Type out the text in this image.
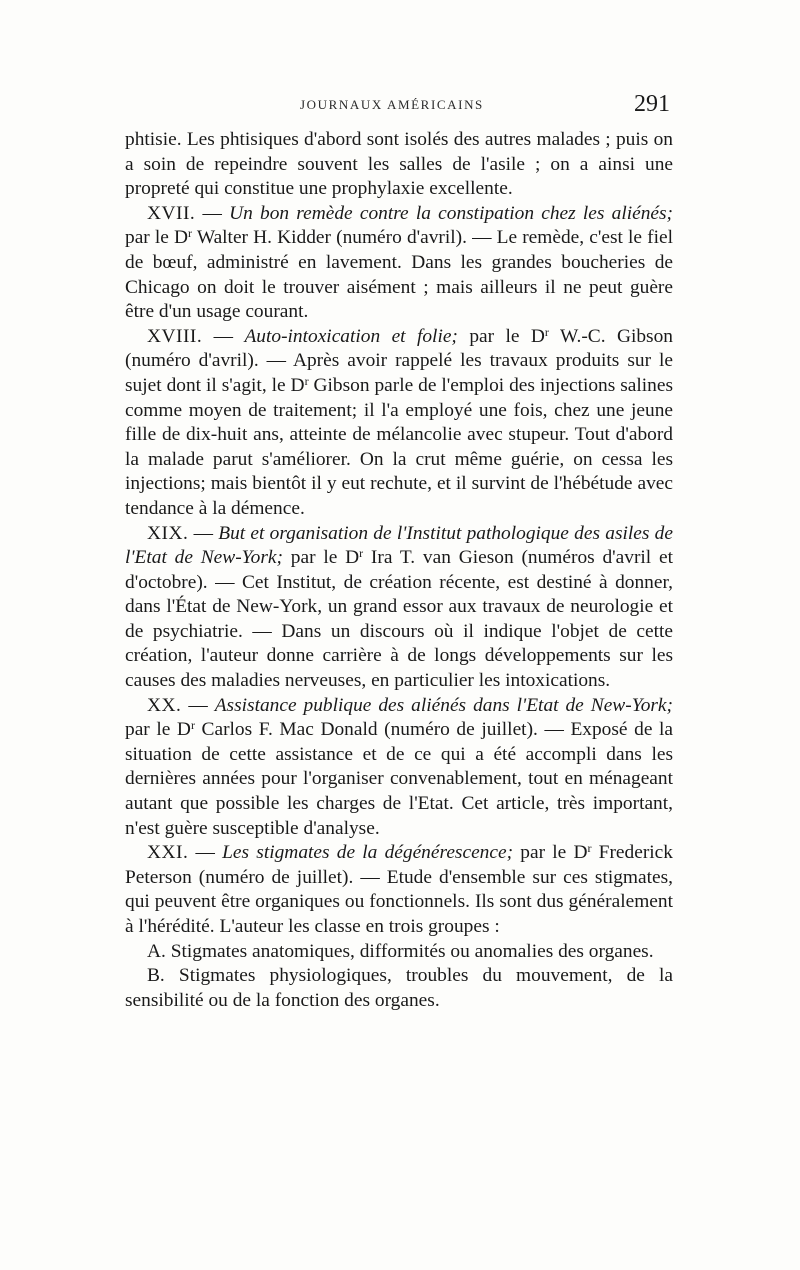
JOURNAUX AMÉRICAINS	291

phtisie. Les phtisiques d'abord sont isolés des autres malades ; puis on a soin de repeindre souvent les salles de l'asile ; on a ainsi une propreté qui constitue une prophylaxie excellente.

XVII. — Un bon remède contre la constipation chez les aliénés; par le $D^r$ Walter H. Kidder (numéro d'avril). — Le remède, c'est le fiel de bœuf, administré en lavement. Dans les grandes boucheries de Chicago on doit le trouver aisément ; mais ailleurs il ne peut guère être d'un usage courant.

XVIII. — Auto-intoxication et folie; par le $D^r$ W.-C. Gibson (numéro d'avril). — Après avoir rappelé les travaux produits sur le sujet dont il s'agit, le $D^r$ Gibson parle de l'emploi des injections salines comme moyen de traitement; il l'a employé une fois, chez une jeune fille de dix-huit ans, atteinte de mélancolie avec stupeur. Tout d'abord la malade parut s'améliorer. On la crut même guérie, on cessa les injections; mais bientôt il y eut rechute, et il survint de l'hébétude avec tendance à la démence.

XIX. — But et organisation de l'Institut pathologique des asiles de l'Etat de New-York; par le $D^r$ Ira T. van Gieson (numéros d'avril et d'octobre). — Cet Institut, de création récente, est destiné à donner, dans l'État de New-York, un grand essor aux travaux de neurologie et de psychiatrie. — Dans un discours où il indique l'objet de cette création, l'auteur donne carrière à de longs développements sur les causes des maladies nerveuses, en particulier les intoxications.

XX. — Assistance publique des aliénés dans l'Etat de New-York; par le $D^r$ Carlos F. Mac Donald (numéro de juillet). — Exposé de la situation de cette assistance et de ce qui a été accompli dans les dernières années pour l'organiser convenablement, tout en ménageant autant que possible les charges de l'Etat. Cet article, très important, n'est guère susceptible d'analyse.

XXI. — Les stigmates de la dégénérescence; par le $D^r$ Frederick Peterson (numéro de juillet). — Etude d'ensemble sur ces stigmates, qui peuvent être organiques ou fonctionnels. Ils sont dus généralement à l'hérédité. L'auteur les classe en trois groupes :

A. Stigmates anatomiques, difformités ou anomalies des organes.

B. Stigmates physiologiques, troubles du mouvement, de la sensibilité ou de la fonction des organes.
